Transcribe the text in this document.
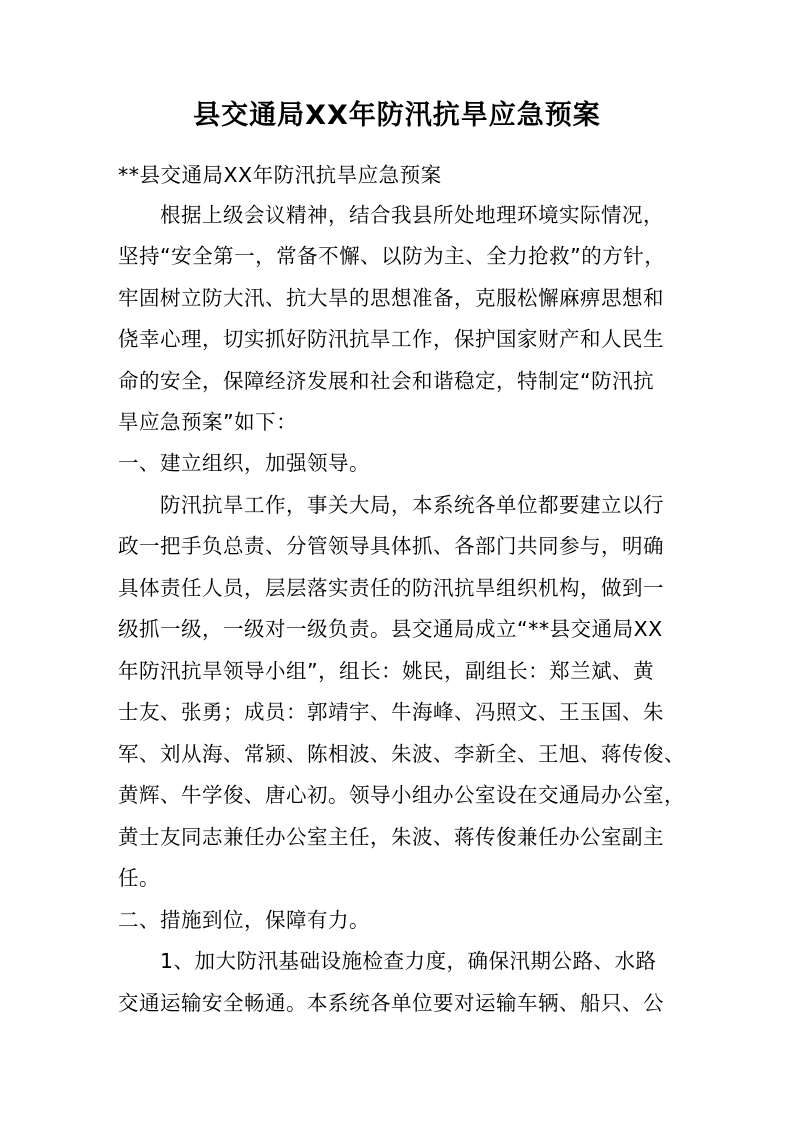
县交通局XX年防汛抗旱应急预案
**县交通局XX年防汛抗旱应急预案
根据上级会议精神，结合我县所处地理环境实际情况，
坚持“安全第一，常备不懈、以防为主、全力抢救”的方针，
牢固树立防大汛、抗大旱的思想准备，克服松懈麻痹思想和
侥幸心理，切实抓好防汛抗旱工作，保护国家财产和人民生
命的安全，保障经济发展和社会和谐稳定，特制定“防汛抗
旱应急预案”如下：
一、建立组织，加强领导。
防汛抗旱工作，事关大局，本系统各单位都要建立以行
政一把手负总责、分管领导具体抓、各部门共同参与，明确
具体责任人员，层层落实责任的防汛抗旱组织机构，做到一
级抓一级，一级对一级负责。县交通局成立“**县交通局XX
年防汛抗旱领导小组”，组长：姚民，副组长：郑兰斌、黄
士友、张勇；成员：郭靖宇、牛海峰、冯照文、王玉国、朱
军、刘从海、常颍、陈相波、朱波、李新全、王旭、蒋传俊、
黄辉、牛学俊、唐心初。领导小组办公室设在交通局办公室，
黄士友同志兼任办公室主任，朱波、蒋传俊兼任办公室副主
任。
二、措施到位，保障有力。
1、加大防汛基础设施检查力度，确保汛期公路、水路
交通运输安全畅通。本系统各单位要对运输车辆、船只、公
